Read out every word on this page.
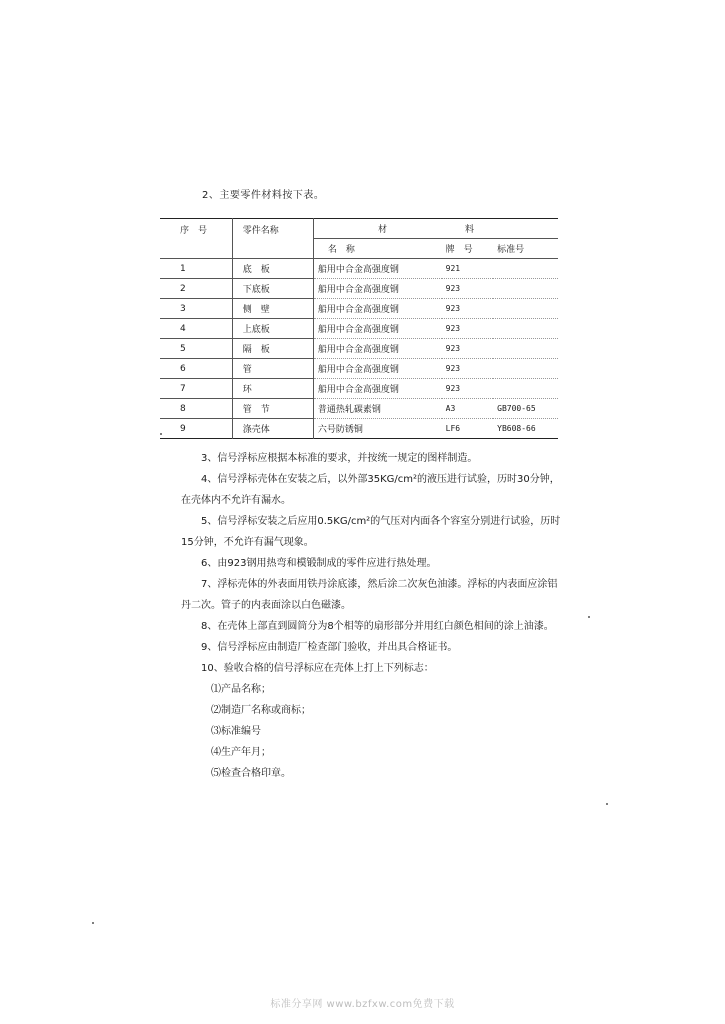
2、主要零件材料按下表。
序　号	零件名称	材　　料		
		名　称	牌　号	标准号
1	底　板	船用中合金高强度钢	921	
2	下底板	船用中合金高强度钢	923	
3	侧　壁	船用中合金高强度钢	923	
4	上底板	船用中合金高强度钢	923	
5	隔　板	船用中合金高强度钢	923	
6	管	船用中合金高强度钢	923	
7	环	船用中合金高强度钢	923	
8	管　节	普通热轧碳素钢	A3	GB700-65
9	涤壳体	六号防锈铜	LF6	YB608-66

3、信号浮标应根据本标准的要求，并按统一规定的图样制造。

4、信号浮标壳体在安装之后，以外部35KG/cm²的液压进行试验，历时30分钟，在壳体内不允许有漏水。

5、信号浮标安装之后应用0.5KG/cm²的气压对内面各个容室分别进行试验，历时15分钟，不允许有漏气现象。

6、由923钢用热弯和模锻制成的零件应进行热处理。

7、浮标壳体的外表面用铁丹涂底漆，然后涂二次灰色油漆。浮标的内表面应涂铝丹二次。管子的内表面涂以白色磁漆。

8、在壳体上部直到圆筒分为8个相等的扇形部分并用红白颜色相间的涂上油漆。

9、信号浮标应由制造厂检查部门验收，并出具合格证书。

10、验收合格的信号浮标应在壳体上打上下列标志：

⑴产品名称；

⑵制造厂名称或商标；

⑶标准编号

⑷生产年月；

⑸检查合格印章。

标准分享网 www.bzfxw.com免费下载
